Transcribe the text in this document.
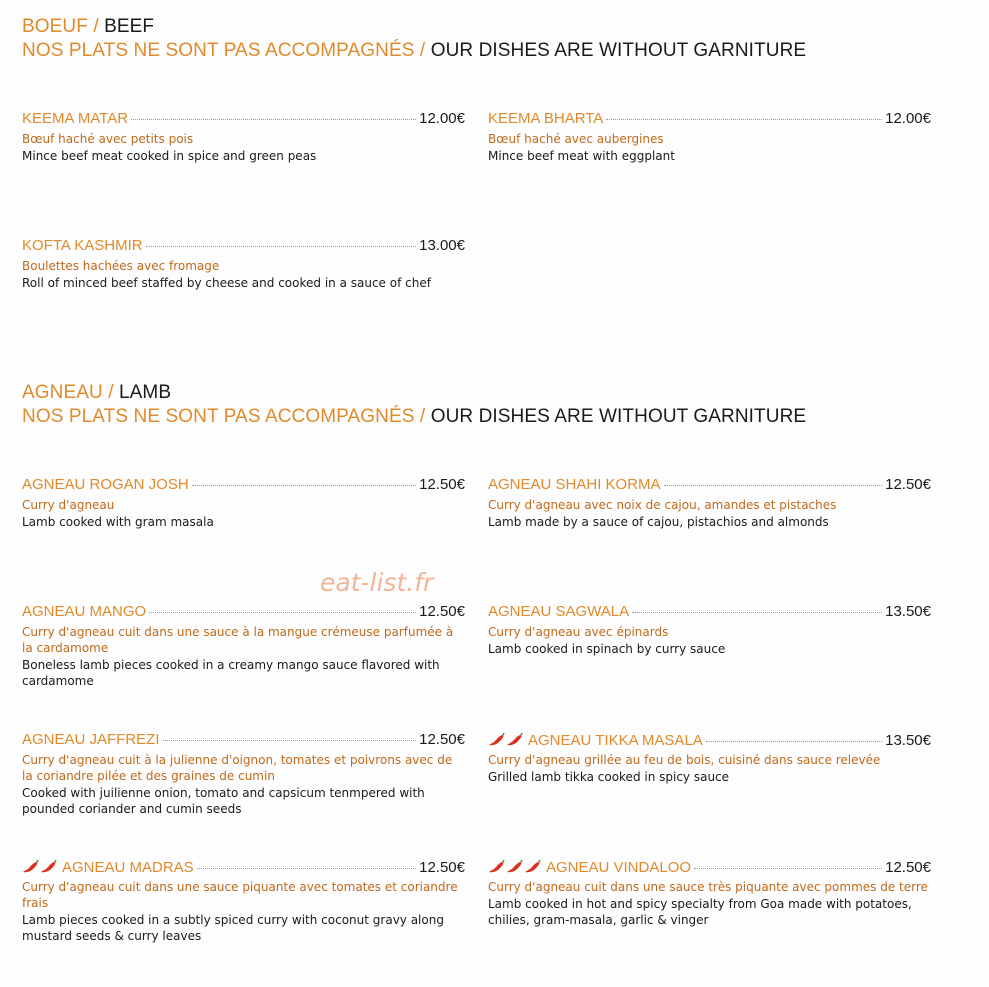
BOEUF / BEEF
NOS PLATS NE SONT PAS ACCOMPAGNÉS / OUR DISHES ARE WITHOUT GARNITURE
KEEMA MATAR	12.00€
Bœuf haché avec petits pois
Mince beef meat cooked in spice and green peas
KEEMA BHARTA	12.00€
Bœuf haché avec aubergines
Mince beef meat with eggplant
KOFTA KASHMIR	13.00€
Boulettes hachées avec fromage
Roll of minced beef staffed by cheese and cooked in a sauce of chef
AGNEAU / LAMB
NOS PLATS NE SONT PAS ACCOMPAGNÉS / OUR DISHES ARE WITHOUT GARNITURE
AGNEAU ROGAN JOSH	12.50€
Curry d'agneau
Lamb cooked with gram masala
AGNEAU SHAHI KORMA	12.50€
Curry d'agneau avec noix de cajou, amandes et pistaches
Lamb made by a sauce of cajou, pistachios and almonds
eat-list.fr
AGNEAU MANGO	12.50€
Curry d'agneau cuit dans une sauce à la mangue crémeuse parfumée à la cardamome
Boneless lamb pieces cooked in a creamy mango sauce flavored with cardamome
AGNEAU SAGWALA	13.50€
Curry d'agneau avec épinards
Lamb cooked in spinach by curry sauce
AGNEAU JAFFREZI	12.50€
Curry d'agneau cuit à la julienne d'oignon, tomates et poivrons avec de la coriandre pilée et des graines de cumin
Cooked with juilienne onion, tomato and capsicum tenmpered with pounded coriander and cumin seeds
AGNEAU TIKKA MASALA	13.50€
Curry d'agneau grillée au feu de bois, cuisiné dans sauce relevée
Grilled lamb tikka cooked in spicy sauce
AGNEAU MADRAS	12.50€
Curry d'agneau cuit dans une sauce piquante avec tomates et coriandre frais
Lamb pieces cooked in a subtly spiced curry with coconut gravy along mustard seeds & curry leaves
AGNEAU VINDALOO	12.50€
Curry d'agneau cuit dans une sauce très piquante avec pommes de terre
Lamb cooked in hot and spicy specialty from Goa made with potatoes, chilies, gram-masala, garlic & vinger
